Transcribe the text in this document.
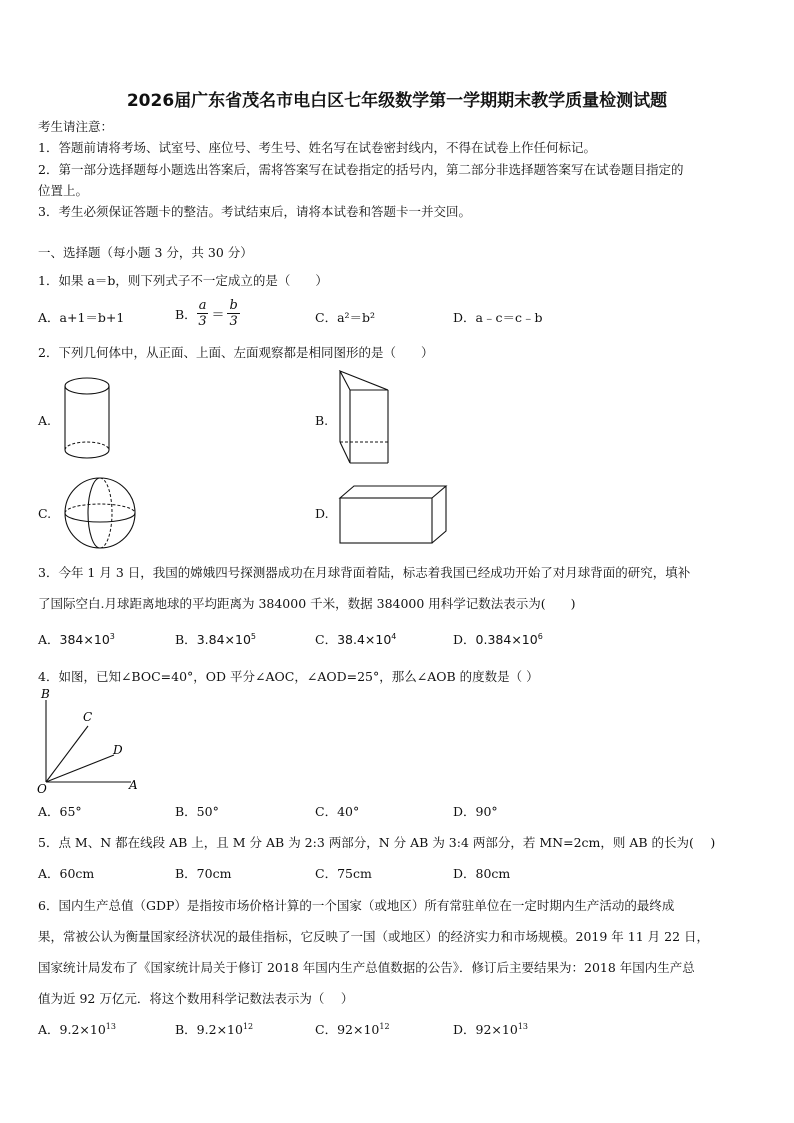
2026届广东省茂名市电白区七年级数学第一学期期末教学质量检测试题
考生请注意：
1．答题前请将考场、试室号、座位号、考生号、姓名写在试卷密封线内，不得在试卷上作任何标记。
2．第一部分选择题每小题选出答案后，需将答案写在试卷指定的括号内，第二部分非选择题答案写在试卷题目指定的
位置上。
3．考生必须保证答题卡的整洁。考试结束后，请将本试卷和答题卡一并交回。
一、选择题（每小题 3 分，共 30 分）
1．如果 a＝b，则下列式子不一定成立的是（　　）
A．a+1＝b+1	B． $\frac{a}{3} = \frac{b}{3}$	C．a²＝b²	D．a﹣c＝c﹣b
2．下列几何体中，从正面、上面、左面观察都是相同图形的是（　　）
A.	B.
C.	D.
3．今年 1 月 3 日，我国的嫦娥四号探测器成功在月球背面着陆，标志着我国已经成功开始了对月球背面的研究，填补
了国际空白.月球距离地球的平均距离为 384000 千米，数据 384000 用科学记数法表示为(　　)
A．$384\times 10^3$	B．$3.84\times 10^5$	C．$38.4\times 10^4$	D．$0.384\times 10^6$
4．如图，已知∠BOC=40°，OD 平分∠AOC，∠AOD=25°，那么∠AOB 的度数是（ ）
B
C
D
O	A
A．65°	B．50°	C．40°	D．90°
5．点 M、N 都在线段 AB 上，且 M 分 AB 为 2:3 两部分，N 分 AB 为 3:4 两部分，若 MN=2cm，则 AB 的长为(　 )
A．60cm	B．70cm	C．75cm	D．80cm
6．国内生产总值（GDP）是指按市场价格计算的一个国家（或地区）所有常驻单位在一定时期内生产活动的最终成
果，常被公认为衡量国家经济状况的最佳指标，它反映了一国（或地区）的经济实力和市场规模。2019 年 11 月 22 日，
国家统计局发布了《国家统计局关于修订 2018 年国内生产总值数据的公告》．修订后主要结果为：2018 年国内生产总
值为近 92 万亿元．将这个数用科学记数法表示为（　 ）
A．$9.2\times 10^{13}$	B．$9.2\times 10^{12}$	C．$92\times 10^{12}$	D．$92\times 10^{13}$
